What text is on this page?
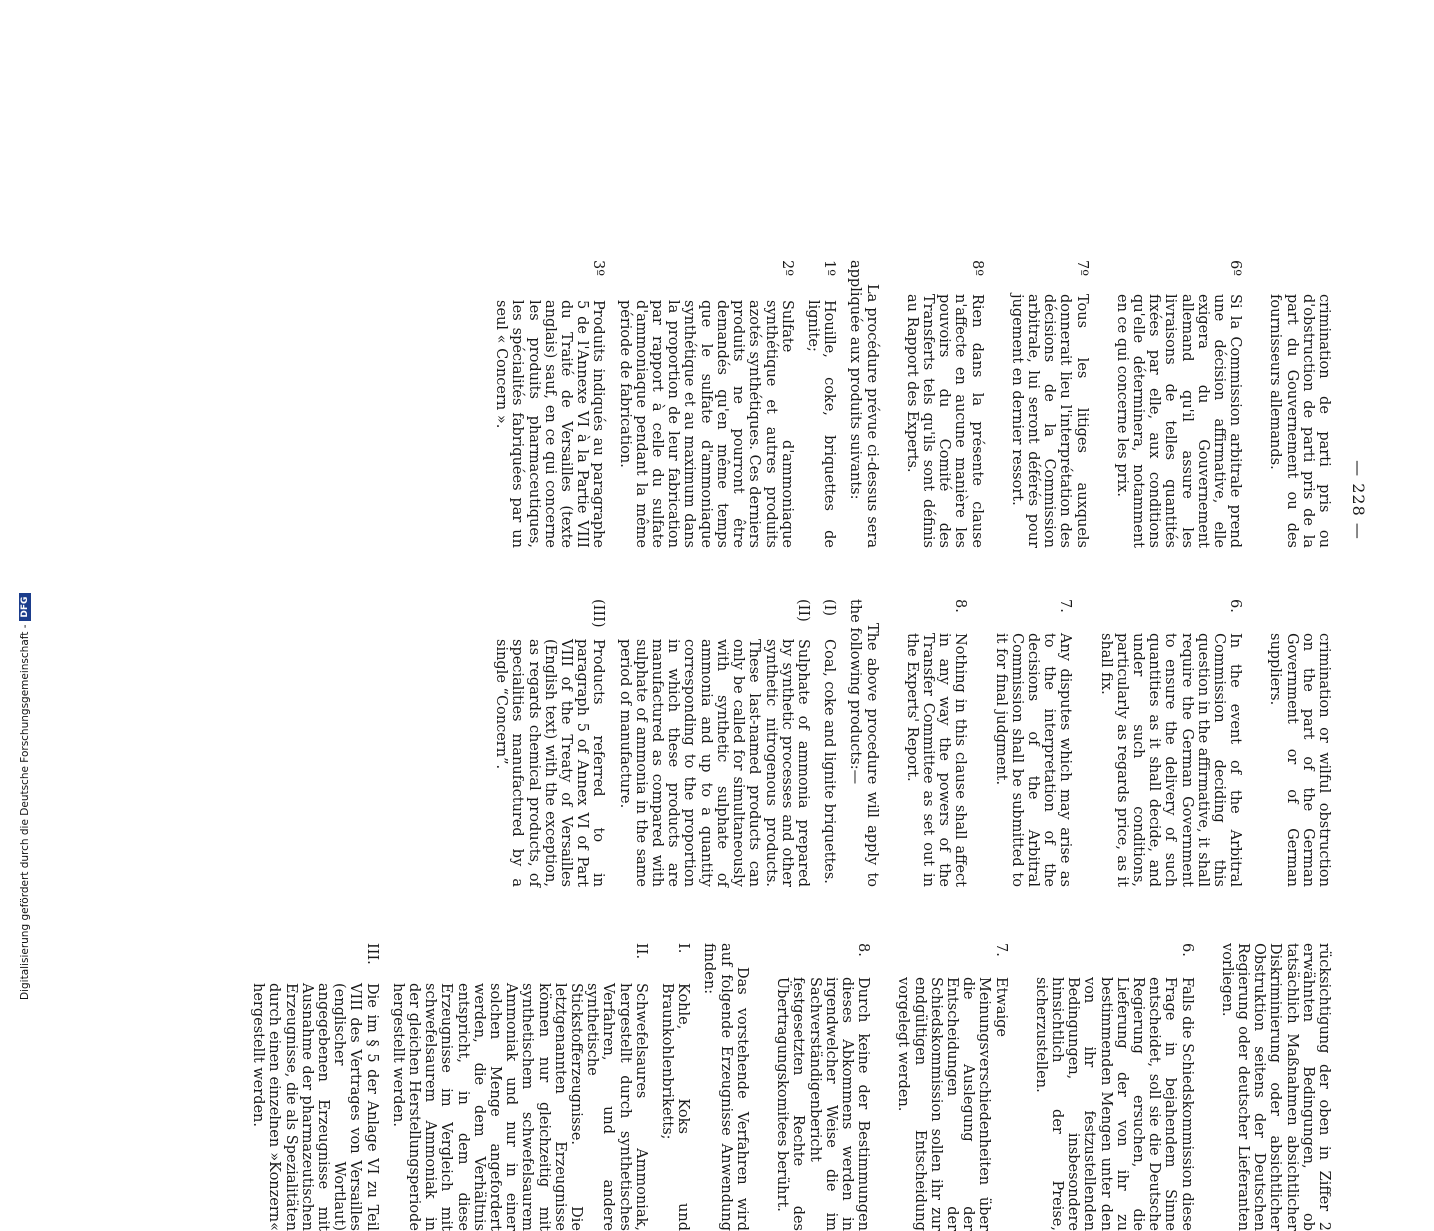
— 228 —

crimination de parti pris ou d'obstruction de parti pris de la part du Gouvernement ou des fournisseurs allemands.

6º
Si la Commission arbitrale prend une décision affirmative, elle exigera du Gouvernement allemand qu'il assure les livraisons de telles quantités fixées par elle, aux conditions qu'elle déterminera, notamment en ce qui concerne les prix.
7º
Tous les litiges auxquels donnerait lieu l'interprétation des décisions de la Commission arbitrale, lui seront déférés pour jugement en dernier ressort.
8º
Rien dans la présente clause n'affecte en aucune manière les pouvoirs du Comité des Transferts tels qu'ils sont définis au Rapport des Experts.

La procédure prévue ci-dessus sera appliquée aux produits suivants:

1º
Houille, coke, briquettes de lignite;
2º
Sulfate d'ammoniaque synthétique et autres produits azotés synthétiques. Ces derniers produits ne pourront être demandés qu'en même temps que le sulfate d'ammoniaque synthétique et au maximum dans la proportion de leur fabrication par rapport à celle du sulfate d'ammoniaque pendant la même période de fabrication.
3º
Produits indiqués au paragraphe 5 de l'Annexe VI à la Partie VIII du Traité de Versailles (texte anglais) sauf, en ce qui concerne les produits pharmaceutiques, les spécialités fabriquées par un seul « Concern ».

crimination or wilful obstruction on the part of the German Government or of German suppliers.

6.
In the event of the Arbitral Commission deciding this question in the affirmative, it shall require the German Government to ensure the delivery of such quantities as it shall decide, and under such conditions, particularly as regards price, as it shall fix.
7.
Any disputes which may arise as to the interpretation of the decisions of the Arbitral Commission shall be submitted to it for final judgment.
8.
Nothing in this clause shall affect in any way the powers of the Transfer Committee as set out in the Experts' Report.

The above procedure will apply to the following products:—

(I)
Coal, coke and lignite briquettes.
(II)
Sulphate of ammonia prepared by synthetic processes and other synthetic nitrogenous products. These last-named products can only be called for simultaneously with synthetic sulphate of ammonia and up to a quantity corresponding to the proportion in which these products are manufactured as compared with sulphate of ammonia in the same period of manufacture.
(III)
Products referred to in paragraph 5 of Annex VI of Part VIII of the Treaty of Versailles (English text) with the exception, as regards chemical products, of specialities manufactured by a single “Concern”.

rücksichtigung der oben in Ziffer 2 erwähnten Bedingungen, ob tatsächlich Maßnahmen absichtlicher Diskriminierung oder absichtlicher Obstruktion seitens der Deutschen Regierung oder deutscher Lieferanten vorliegen.

6.
Falls die Schiedskommission diese Frage in bejahendem Sinne entscheidet, soll sie die Deutsche Regierung ersuchen, die Lieferung der von ihr zu bestimmenden Mengen unter den von ihr festzustellenden Bedingungen, insbesondere hinsichtlich der Preise, sicherzustellen.
7.
Etwaige Meinungsverschiedenheiten über die Auslegung der Entscheidungen der Schiedskommission sollen ihr zur endgültigen Entscheidung vorgelegt werden.
8.
Durch keine der Bestimmungen dieses Abkommens werden in irgendwelcher Weise die im Sachverständigenbericht festgesetzten Rechte des Übertragungskomitees berührt.

Das vorstehende Verfahren wird auf folgende Erzeugnisse Anwendung finden:

I.
Kohle, Koks und Braunkohlenbriketts;
II.
Schwefelsaures Ammoniak, hergestellt durch synthetisches Verfahren, und andere synthetische Stickstofferzeugnisse. Die letztgenannten Erzeugnisse können nur gleichzeitig mit synthetischem schwefelsaurem Ammoniak und nur in einer solchen Menge angefordert werden, die dem Verhältnis entspricht, in dem diese Erzeugnisse im Vergleich mit schwefelsaurem Ammoniak in der gleichen Herstellungsperiode hergestellt werden.
III.
Die im § 5 der Anlage VI zu Teil VIII des Vertrages von Versailles (englischer Wortlaut) angegebenen Erzeugnisse mit Ausnahme der pharmazeutischen Erzeugnisse, die als Spezialitäten durch einen einzelnen »Konzern« hergestellt werden.
Digitalisierung gefördert durch die Deutsche Forschungsgemeinschaft - DFG
